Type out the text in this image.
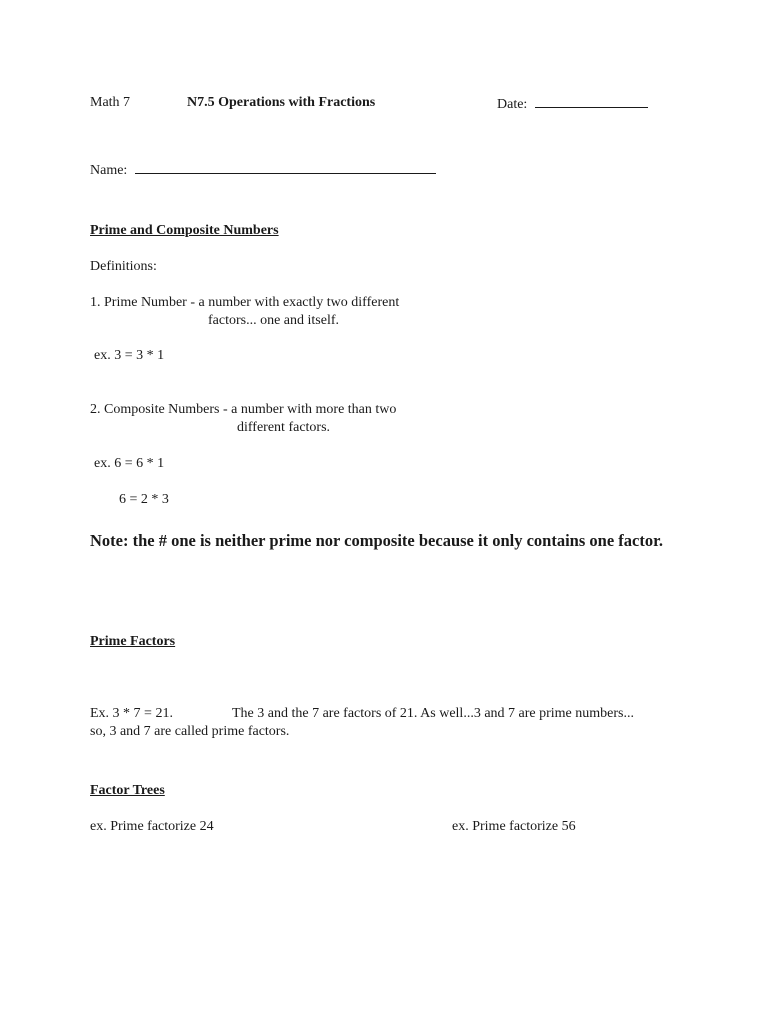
Math 7	N7.5 Operations with Fractions	Date:
Name:
Prime and Composite Numbers
Definitions:
1. Prime Number - a number with exactly two different
factors... one and itself.
ex. 3 = 3 * 1
2. Composite Numbers - a number with more than two
different factors.
ex. 6 = 6 * 1
6 = 2 * 3
Note: the # one is neither prime nor composite because it only contains one factor.
Prime Factors
Ex. 3 * 7 = 21.	The 3 and the 7 are factors of 21. As well...3 and 7 are prime numbers...
so, 3 and 7 are called prime factors.
Factor Trees
ex. Prime factorize 24	ex. Prime factorize 56
